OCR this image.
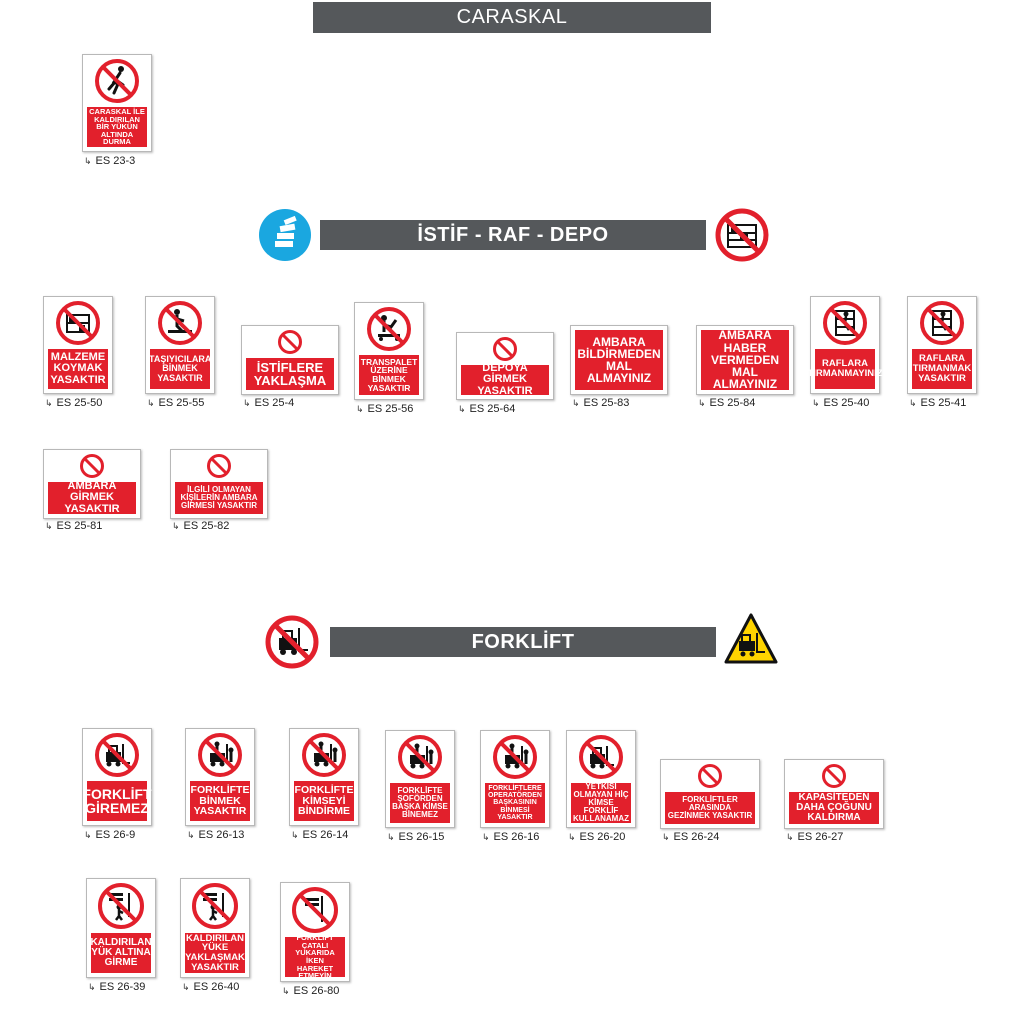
CARASKAL
CARASKAL İLE KALDIRILAN BİR YÜKÜN ALTINDA DURMA
↳ ES 23-3
İSTİF - RAF - DEPO
MALZEME KOYMAK YASAKTIR
↳ ES 25-50
TAŞIYICILARA BİNMEK YASAKTIR
↳ ES 25-55
İSTİFLERE YAKLAŞMA
↳ ES 25-4
TRANSPALET ÜZERİNE BİNMEK YASAKTIR
↳ ES 25-56
DEPOYA GİRMEK YASAKTIR
↳ ES 25-64
AMBARA BİLDİRMEDEN MAL ALMAYINIZ
↳ ES 25-83
AMBARA HABER VERMEDEN MAL ALMAYINIZ
↳ ES 25-84
RAFLARA TIRMANMAYINIZ
↳ ES 25-40
RAFLARA TIRMANMAK YASAKTIR
↳ ES 25-41
AMBARA GİRMEK YASAKTIR
↳ ES 25-81
İLGİLİ OLMAYAN KİŞİLERİN AMBARA GİRMESİ YASAKTIR
↳ ES 25-82
FORKLİFT
FORKLİFT GİREMEZ
↳ ES 26-9
FORKLİFTE BİNMEK YASAKTIR
↳ ES 26-13
FORKLİFTE KİMSEYİ BİNDİRME
↳ ES 26-14
FORKLİFTE ŞOFÖRDEN BAŞKA KİMSE BİNEMEZ
↳ ES 26-15
FORKLİFTLERE OPERATÖRDEN BAŞKASININ BİNMESİ YASAKTIR
↳ ES 26-16
YETKİSİ OLMAYAN HİÇ KİMSE FORKLİF KULLANAMAZ
↳ ES 26-20
FORKLİFTLER ARASINDA GEZİNMEK YASAKTIR
↳ ES 26-24
KAPASİTEDEN DAHA ÇOĞUNU KALDIRMA
↳ ES 26-27
KALDIRILAN YÜK ALTINA GİRME
↳ ES 26-39
KALDIRILAN YÜKE YAKLAŞMAK YASAKTIR
↳ ES 26-40
FORKLİFT ÇATALI YUKARIDA İKEN HAREKET ETMEYİN
↳ ES 26-80
